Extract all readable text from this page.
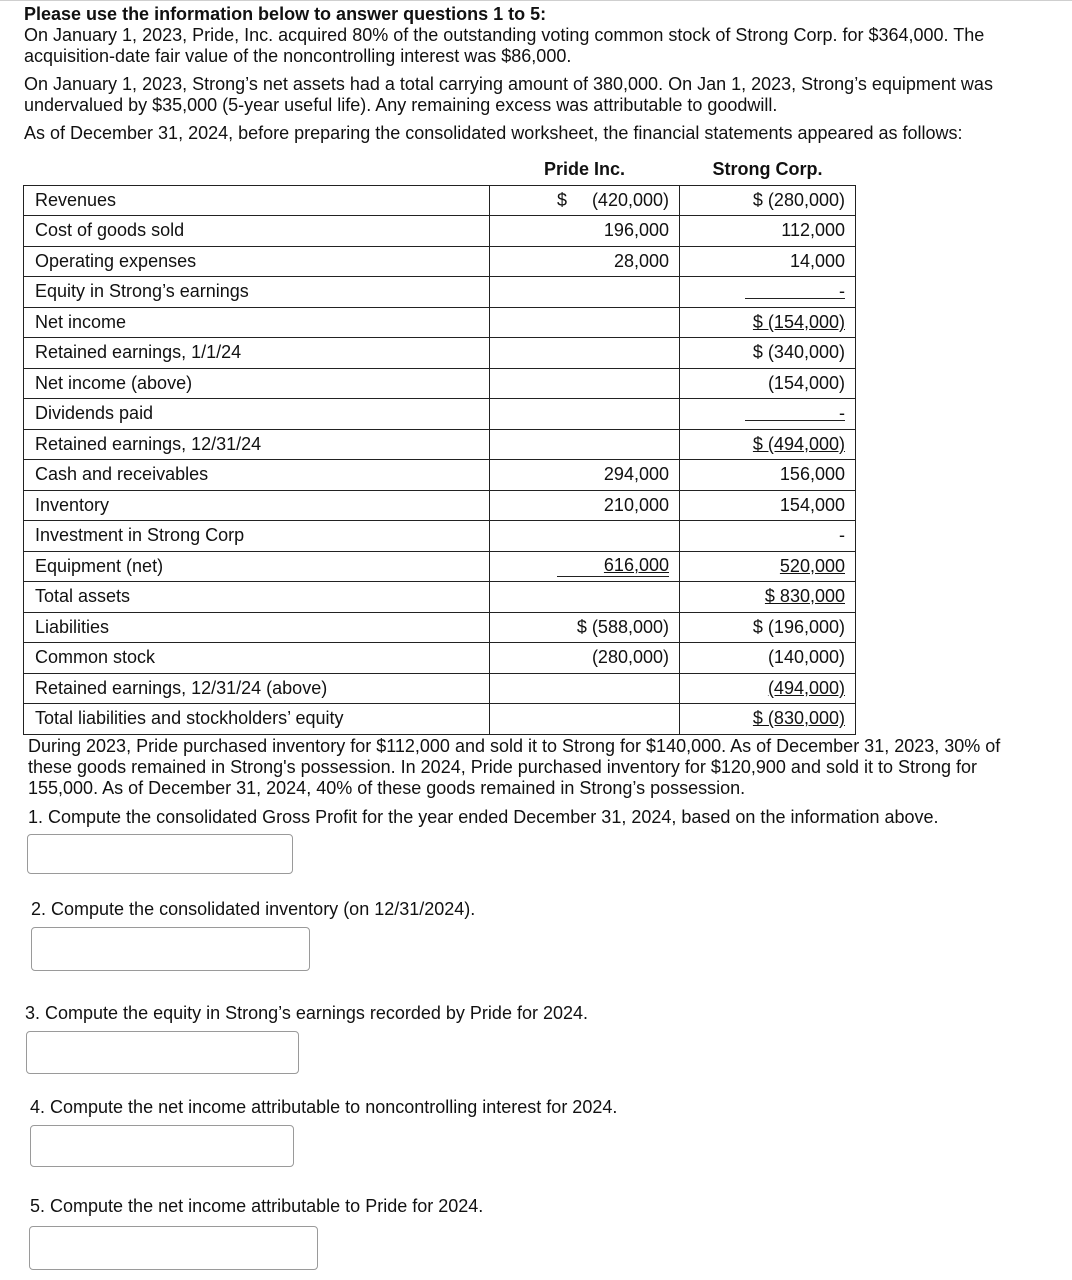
Please use the information below to answer questions 1 to 5:

On January 1, 2023, Pride, Inc. acquired 80% of the outstanding voting common stock of Strong Corp. for $364,000. The acquisition-date fair value of the noncontrolling interest was $86,000.

On January 1, 2023, Strong’s net assets had a total carrying amount of 380,000. On Jan 1, 2023, Strong’s equipment was undervalued by $35,000 (5-year useful life). Any remaining excess was attributable to goodwill.

As of December 31, 2024, before preparing the consolidated worksheet, the financial statements appeared as follows:

	Pride Inc.	Strong Corp.
Revenues	$ (420,000)	$ (280,000)
Cost of goods sold	196,000	112,000
Operating expenses	28,000	14,000
Equity in Strong’s earnings		-
Net income		$ (154,000)
Retained earnings, 1/1/24		$ (340,000)
Net income (above)		(154,000)
Dividends paid		-
Retained earnings, 12/31/24		$ (494,000)
Cash and receivables	294,000	156,000
Inventory	210,000	154,000
Investment in Strong Corp		-
Equipment (net)	616,000	520,000
Total assets		$ 830,000
Liabilities	$ (588,000)	$ (196,000)
Common stock	(280,000)	(140,000)
Retained earnings, 12/31/24 (above)		(494,000)
Total liabilities and stockholders’ equity		$ (830,000)

During 2023, Pride purchased inventory for $112,000 and sold it to Strong for $140,000. As of December 31, 2023, 30% of these goods remained in Strong's possession. In 2024, Pride purchased inventory for $120,900 and sold it to Strong for 155,000. As of December 31, 2024, 40% of these goods remained in Strong’s possession.

1. Compute the consolidated Gross Profit for the year ended December 31, 2024, based on the information above.

2. Compute the consolidated inventory (on 12/31/2024).

3. Compute the equity in Strong’s earnings recorded by Pride for 2024.

4. Compute the net income attributable to noncontrolling interest for 2024.

5. Compute the net income attributable to Pride for 2024.
